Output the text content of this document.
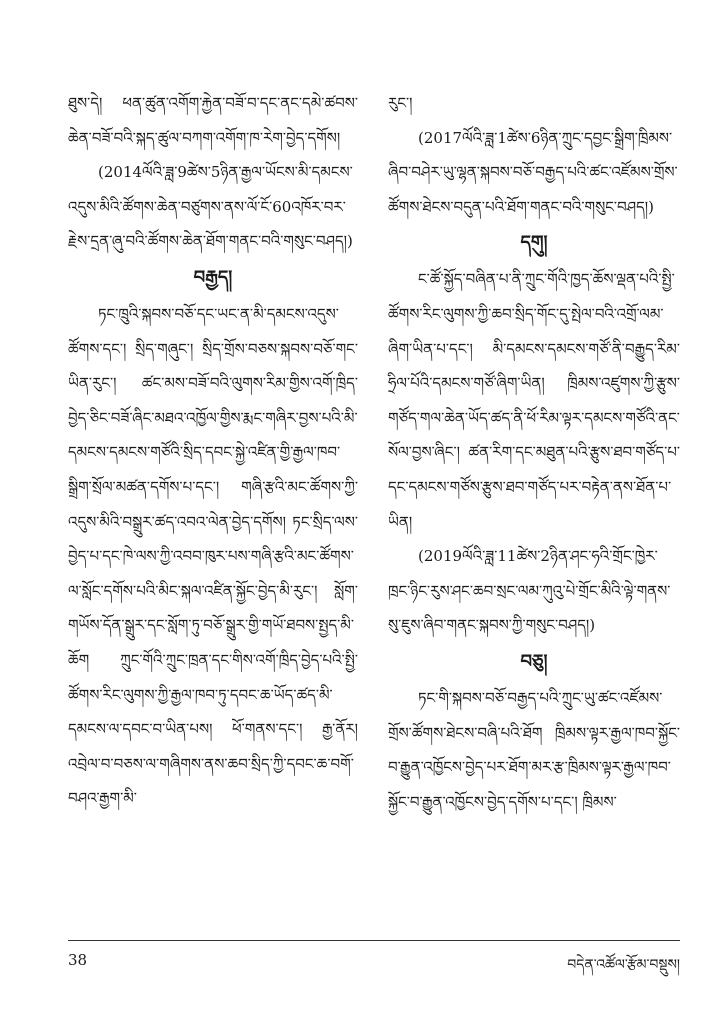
ཐུས་དེ། ཕན་ཚུན་འགོག་རྐྱེན་བཟོ་བ་དང་ནང་དམེ་ཚབས་ཆེན་བཟོ་བའི་སྐད་ཚུལ་བཀག་འགོག་ཁ་རེག་བྱེད་དགོས།

(2014ལོའི་ཟླ་9ཚེས་5ཉིན་རྒྱལ་ཡོངས་མི་དམངས་འདུས་མིའི་ཚོགས་ཆེན་བཙུགས་ནས་ལོ་ངོ་60འཁོར་བར་རྗེས་དྲན་ཞུ་བའི་ཚོགས་ཆེན་ཐོག་གནང་བའི་གསུང་བཤད།)

བརྒྱད།

ཏང་ཁྲུའི་སྐབས་བཅོ་དང་ཡང་ན་མི་དམངས་འདུས་ཚོགས་དང་། སྲིད་གཞུང་། སྲིད་གྲོས་བཅས་སྐབས་བཅོ་གང་ཡིན་རུང་། ཚང་མས་བཟོ་བའི་ལུགས་རིམ་གྱིས་འགོ་ཁྲིད་བྱེད་ཅིང་བཟོ་ཞིང་མཐའ་འཁྱོལ་གྱིས་རྨང་གཞིར་བྱས་པའི་མི་དམངས་དམངས་གཙོའི་སྲིད་དབང་སྐྱེ་འཛིན་གྱི་རྒྱལ་ཁབ་སྒྲིག་སྲོལ་མཚན་དགོས་པ་དང་། གཞི་རྩའི་མང་ཚོགས་ཀྱི་འདུས་མིའི་བསྒྲུར་ཚད་འབའ་ལེན་བྱེད་དགོས། ཏང་སྲིད་ལས་བྱེད་པ་དང་ཁེ་ལས་ཀྱི་འབབ་ཁུར་པས་གཞི་རྩའི་མང་ཚོགས་ལ་སློང་དགོས་པའི་མིང་སྐལ་འཛིན་སྐྱོང་བྱེད་མི་རུང་། སློག་གཡོས་དོན་སྒྲུར་དང་སློག་ཏུ་བཅོ་སྒྲུར་གྱི་གཡོ་ཐབས་སྤྱད་མི་ཆོག ཀྲུང་གོའི་ཀྲུང་ཁྲན་དང་གིས་འགོ་ཁྲིད་བྱེད་པའི་སྤྱི་ཚོགས་རིང་ལུགས་ཀྱི་རྒྱལ་ཁབ་ཏུ་དབང་ཆ་ཡོད་ཚད་མི་དམངས་ལ་དབང་བ་ཡིན་པས། ཕོ་གནས་དང་། རྒྱ་ནོར། འབྲེལ་བ་བཅས་ལ་གཞིགས་ནས་ཆབ་སྲིད་ཀྱི་དབང་ཆ་བགོ་བཤའ་རྒྱག་མི་

རུང་།

(2017ལོའི་ཟླ་1ཚེས་6ཉིན་ཀྲུང་དབྱང་སྒྲིག་ཁྲིམས་ཞིབ་བཤེར་ཡུ་ལྷན་སྐབས་བཅོ་བརྒྱད་པའི་ཚང་འཛོམས་གྲོས་ཚོགས་ཐེངས་བདུན་པའི་ཐོག་གནང་བའི་གསུང་བཤད།)

དགུ།

ང་ཚོ་སྐྱོད་བཞིན་པ་ནི་ཀྲུང་གོའི་ཁྱད་ཆོས་ལྡན་པའི་སྤྱི་ཚོགས་རིང་ལུགས་ཀྱི་ཆབ་སྲིད་གོང་དུ་སྤེལ་བའི་འགྲོ་ལམ་ཞིག་ཡིན་པ་དང་། མི་དམངས་དམངས་གཙོ་ནི་བརྒྱུད་རིམ་ཧྲིལ་པོའི་དམངས་གཙོ་ཞིག་ཡིན། ཁྲིམས་འཛུགས་ཀྱི་རྩུས་གཙོད་གལ་ཆེན་ཡོད་ཚད་ནི་ཕོ་རིམ་ལྟར་དམངས་གཙོའི་ནང་སོལ་བྱས་ཞིང་། ཚན་རིག་དང་མཐུན་པའི་རྩུས་ཐབ་གཙོད་པ་དང་དམངས་གཙོས་རྩུས་ཐབ་གཙོད་པར་བརྟེན་ནས་ཐོན་པ་ཡིན།

(2019ལོའི་ཟླ་11ཚེས་2ཉིན་ཤང་ཧའི་གྲོང་ཁྱེར་ཁྲང་ཉིང་རུས་ཤང་ཆབ་སྲང་ལམ་ཀུའུ་པེ་གྲོང་མིའི་ལྟེ་གནས་སུ་ཇུས་ཞིབ་གནང་སྐབས་ཀྱི་གསུང་བཤད།)

བཅུ།

ཏང་གི་སྐབས་བཅོ་བརྒྱད་པའི་ཀྲུང་ཡུ་ཚང་འཛོམས་གྲོས་ཚོགས་ཐེངས་བཞི་པའི་ཐོག ཁྲིམས་ལྟར་རྒྱལ་ཁབ་སྐྱོང་བ་རྒྱུན་འཁྱོངས་བྱེད་པར་ཐོག་མར་རྩ་ཁྲིམས་ལྟར་རྒྱལ་ཁབ་སྐྱོང་བ་རྒྱུན་འཁྱོངས་བྱེད་དགོས་པ་དང་། ཁྲིམས་

38	བདེན་འཚོལ་རྩོམ་བསྡུས།
